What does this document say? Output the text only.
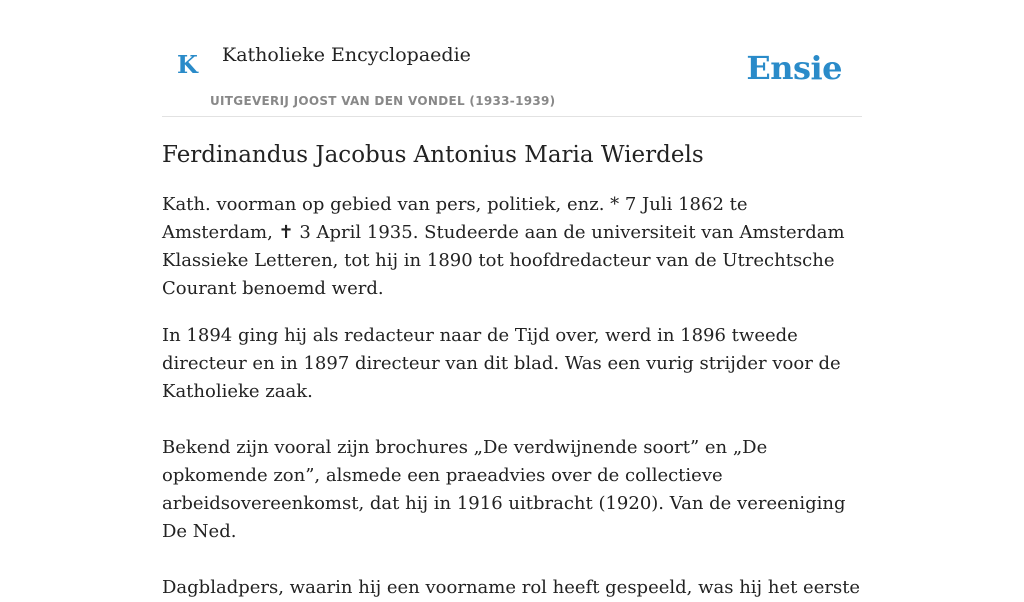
K Katholieke Encyclopaedie
UITGEVERIJ JOOST VAN DEN VONDEL (1933-1939)
Ensie
Ferdinandus Jacobus Antonius Maria Wierdels

Kath. voorman op gebied van pers, politiek, enz. * 7 Juli 1862 te Amsterdam, ✝ 3 April 1935. Studeerde aan de universiteit van Amsterdam Klassieke Letteren, tot hij in 1890 tot hoofdredacteur van de Utrechtsche Courant benoemd werd.

In 1894 ging hij als redacteur naar de Tijd over, werd in 1896 tweede directeur en in 1897 directeur van dit blad. Was een vurig strijder voor de Katholieke zaak.

Bekend zijn vooral zijn brochures „De verdwijnende soort” en „De opkomende zon”, alsmede een praeadvies over de collectieve arbeidsovereenkomst, dat hij in 1916 uitbracht (1920). Van de vereeniging De Ned.

Dagbladpers, waarin hij een voorname rol heeft gespeeld, was hij het eerste
